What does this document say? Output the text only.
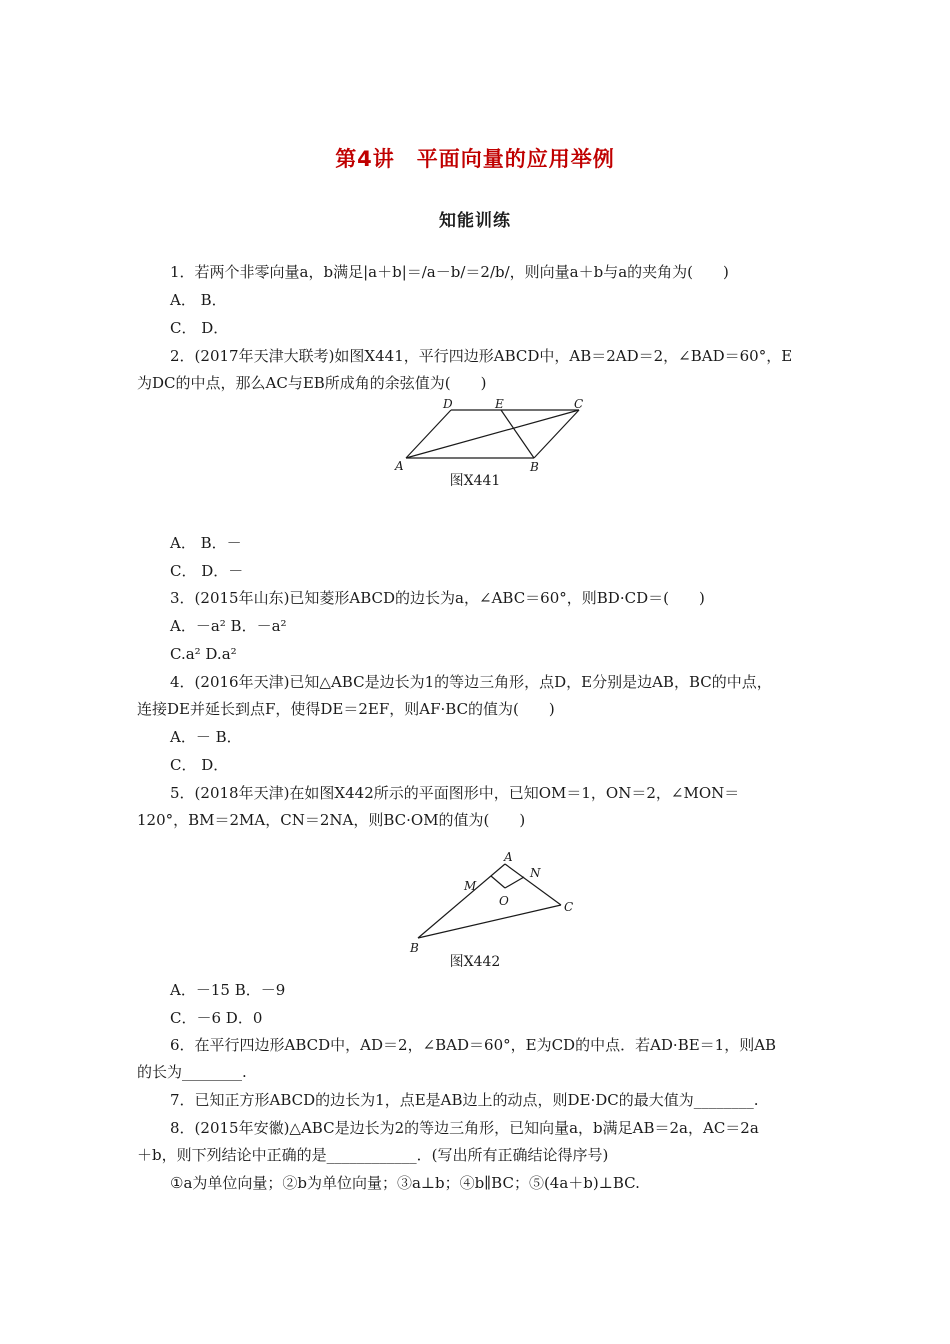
第4讲　平面向量的应用举例
知能训练
1．若两个非零向量a，b满足|a＋b|＝/a－b/＝2/b/，则向量a＋b与a的夹角为(　　)
A． B．
C． D．
2．(2017年天津大联考)如图X441，平行四边形ABCD中，AB＝2AD＝2，∠BAD＝60°，E
为DC的中点，那么AC与EB所成角的余弦值为(　　)
A	B
C
D	E
图X441
A． B．－
C． D．－
3．(2015年山东)已知菱形ABCD的边长为a，∠ABC＝60°，则BD·CD＝(　　)
A．－a² B．－a²
C.a² D.a²
4．(2016年天津)已知△ABC是边长为1的等边三角形，点D，E分别是边AB，BC的中点，
连接DE并延长到点F，使得DE＝2EF，则AF·BC的值为(　　)
A．－ B．
C． D．
5．(2018年天津)在如图X442所示的平面图形中，已知OM＝1，ON＝2，∠MON＝
120°，BM＝2MA，CN＝2NA，则BC·OM的值为(　　)
B
A
C
M
N
O
图X442
A．－15 B．－9
C．－6 D．0
6．在平行四边形ABCD中，AD＝2，∠BAD＝60°，E为CD的中点．若AD·BE＝1，则AB
的长为________.
7．已知正方形ABCD的边长为1，点E是AB边上的动点，则DE·DC的最大值为________.
8．(2015年安徽)△ABC是边长为2的等边三角形，已知向量a，b满足AB＝2a，AC＝2a
＋b，则下列结论中正确的是____________．(写出所有正确结论得序号)
①a为单位向量；②b为单位向量；③a⊥b；④b∥BC；⑤(4a＋b)⊥BC.
